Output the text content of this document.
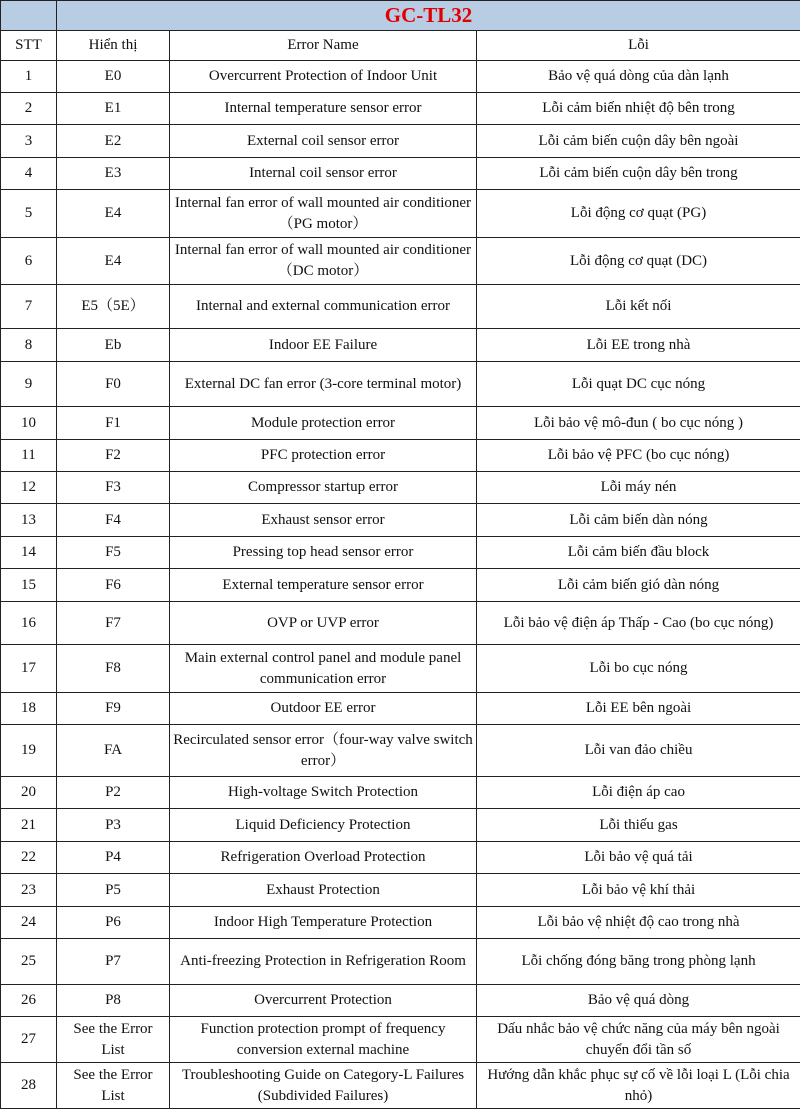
	GC-TL32		
STT	Hiển thị	Error Name	Lỗi
1	E0	Overcurrent Protection of Indoor Unit	Bảo vệ quá dòng của dàn lạnh
2	E1	Internal temperature sensor error	Lỗi cảm biến nhiệt độ bên trong
3	E2	External coil sensor error	Lỗi cảm biến cuộn dây bên ngoài
4	E3	Internal coil sensor error	Lỗi cảm biến cuộn dây bên trong
5	E4	Internal fan error of wall mounted air conditioner（PG motor）	Lỗi động cơ quạt (PG)
6	E4	Internal fan error of wall mounted air conditioner（DC motor）	Lỗi động cơ quạt (DC)
7	E5（5E）	Internal and external communication error	Lỗi kết nối
8	Eb	Indoor EE Failure	Lỗi EE trong nhà
9	F0	External DC fan error (3-core terminal motor)	Lỗi quạt DC cục nóng
10	F1	Module protection error	Lỗi bảo vệ mô-đun ( bo cục nóng )
11	F2	PFC protection error	Lỗi bảo vệ PFC (bo cục nóng)
12	F3	Compressor startup error	Lỗi máy nén
13	F4	Exhaust sensor error	Lỗi cảm biến dàn nóng
14	F5	Pressing top head sensor error	Lỗi cảm biến đầu block
15	F6	External temperature sensor error	Lỗi cảm biến gió dàn nóng
16	F7	OVP or UVP error	Lỗi bảo vệ điện áp Thấp - Cao (bo cục nóng)
17	F8	Main external control panel and module panel communication error	Lỗi bo cục nóng
18	F9	Outdoor EE error	Lỗi EE bên ngoài
19	FA	Recirculated sensor error（four-way valve switch error）	Lỗi van đảo chiều
20	P2	High-voltage Switch Protection	Lỗi điện áp cao
21	P3	Liquid Deficiency Protection	Lỗi thiếu gas
22	P4	Refrigeration Overload Protection	Lỗi bảo vệ quá tải
23	P5	Exhaust Protection	Lỗi bảo vệ khí thải
24	P6	Indoor High Temperature Protection	Lỗi bảo vệ nhiệt độ cao trong nhà
25	P7	Anti-freezing Protection in Refrigeration Room	Lỗi chống đóng băng trong phòng lạnh
26	P8	Overcurrent Protection	Bảo vệ quá dòng
27	See the Error List	Function protection prompt of frequency conversion external machine	Dấu nhắc bảo vệ chức năng của máy bên ngoài chuyển đổi tần số
28	See the Error List	Troubleshooting Guide on Category-L Failures (Subdivided Failures)	Hướng dẫn khắc phục sự cố về lỗi loại L (Lỗi chia nhỏ)
